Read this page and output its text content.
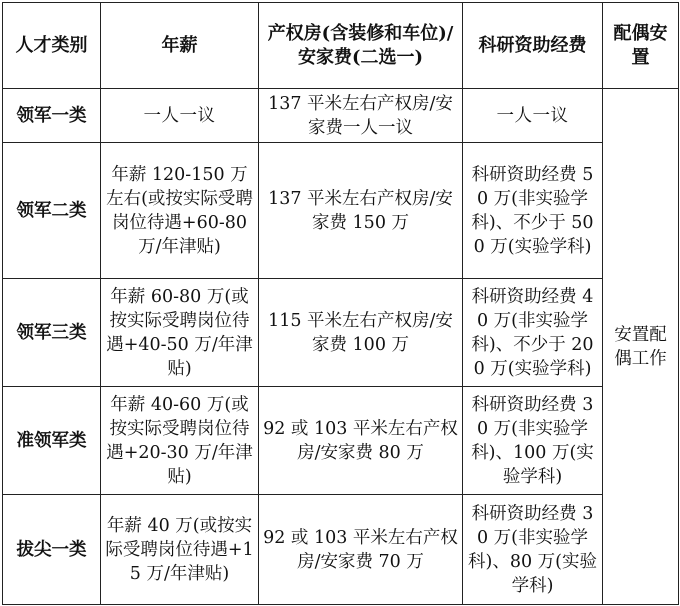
人才类别	年薪	产权房(含装修和车位)/安家费(二选一)	科研资助经费	配偶安置
领军一类	一人一议	137 平米左右产权房/安家费一人一议	一人一议	安置配偶工作
领军二类	年薪 120-150 万左右(或按实际受聘岗位待遇+60-80 万/年津贴)	137 平米左右产权房/安家费 150 万	科研资助经费 50 万(非实验学科)、不少于 500 万(实验学科)	
领军三类	年薪 60-80 万(或按实际受聘岗位待遇+40-50 万/年津贴)	115 平米左右产权房/安家费 100 万	科研资助经费 40 万(非实验学科)、不少于 200 万(实验学科)	
准领军类	年薪 40-60 万(或按实际受聘岗位待遇+20-30 万/年津贴)	92 或 103 平米左右产权房/安家费 80 万	科研资助经费 30 万(非实验学科)、100 万(实验学科)	
拔尖一类	年薪 40 万(或按实际受聘岗位待遇+15 万/年津贴)	92 或 103 平米左右产权房/安家费 70 万	科研资助经费 30 万(非实验学科)、80 万(实验学科)	
